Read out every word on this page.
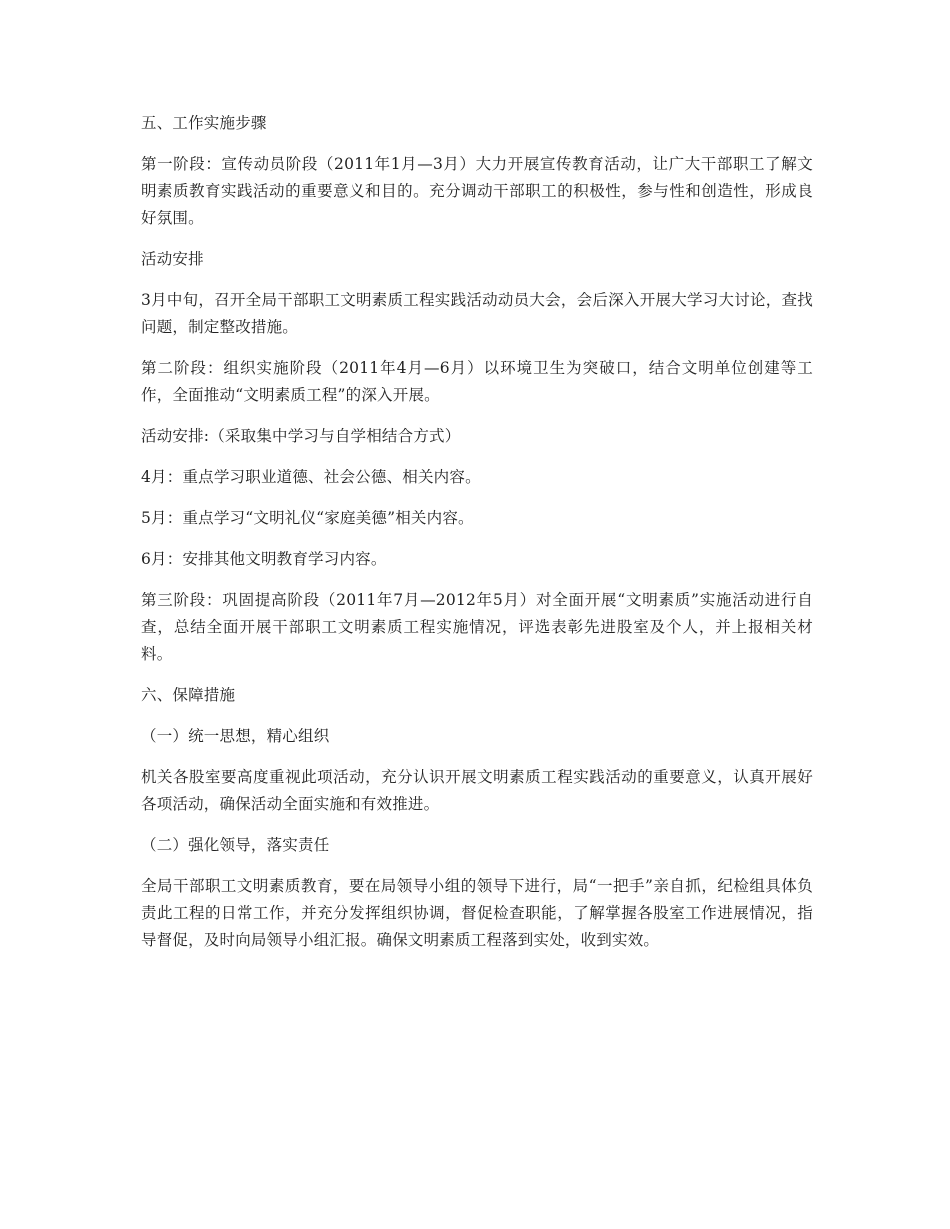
五、工作实施步骤

第一阶段：宣传动员阶段（2011年1月—3月）大力开展宣传教育活动，让广大干部职工了解文明素质教育实践活动的重要意义和目的。充分调动干部职工的积极性，参与性和创造性，形成良好氛围。

活动安排

3月中旬，召开全局干部职工文明素质工程实践活动动员大会，会后深入开展大学习大讨论，查找问题，制定整改措施。

第二阶段：组织实施阶段（2011年4月—6月）以环境卫生为突破口，结合文明单位创建等工作，全面推动“文明素质工程”的深入开展。

活动安排:（采取集中学习与自学相结合方式）

4月：重点学习职业道德、社会公德、相关内容。

5月：重点学习“文明礼仪“家庭美德”相关内容。

6月：安排其他文明教育学习内容。

第三阶段：巩固提高阶段（2011年7月—2012年5月）对全面开展“文明素质”实施活动进行自查，总结全面开展干部职工文明素质工程实施情况，评选表彰先进股室及个人，并上报相关材料。

六、保障措施

（一）统一思想，精心组织

机关各股室要高度重视此项活动，充分认识开展文明素质工程实践活动的重要意义，认真开展好各项活动，确保活动全面实施和有效推进。

（二）强化领导，落实责任

全局干部职工文明素质教育，要在局领导小组的领导下进行，局“一把手”亲自抓，纪检组具体负责此工程的日常工作，并充分发挥组织协调，督促检查职能，了解掌握各股室工作进展情况，指导督促，及时向局领导小组汇报。确保文明素质工程落到实处，收到实效。
